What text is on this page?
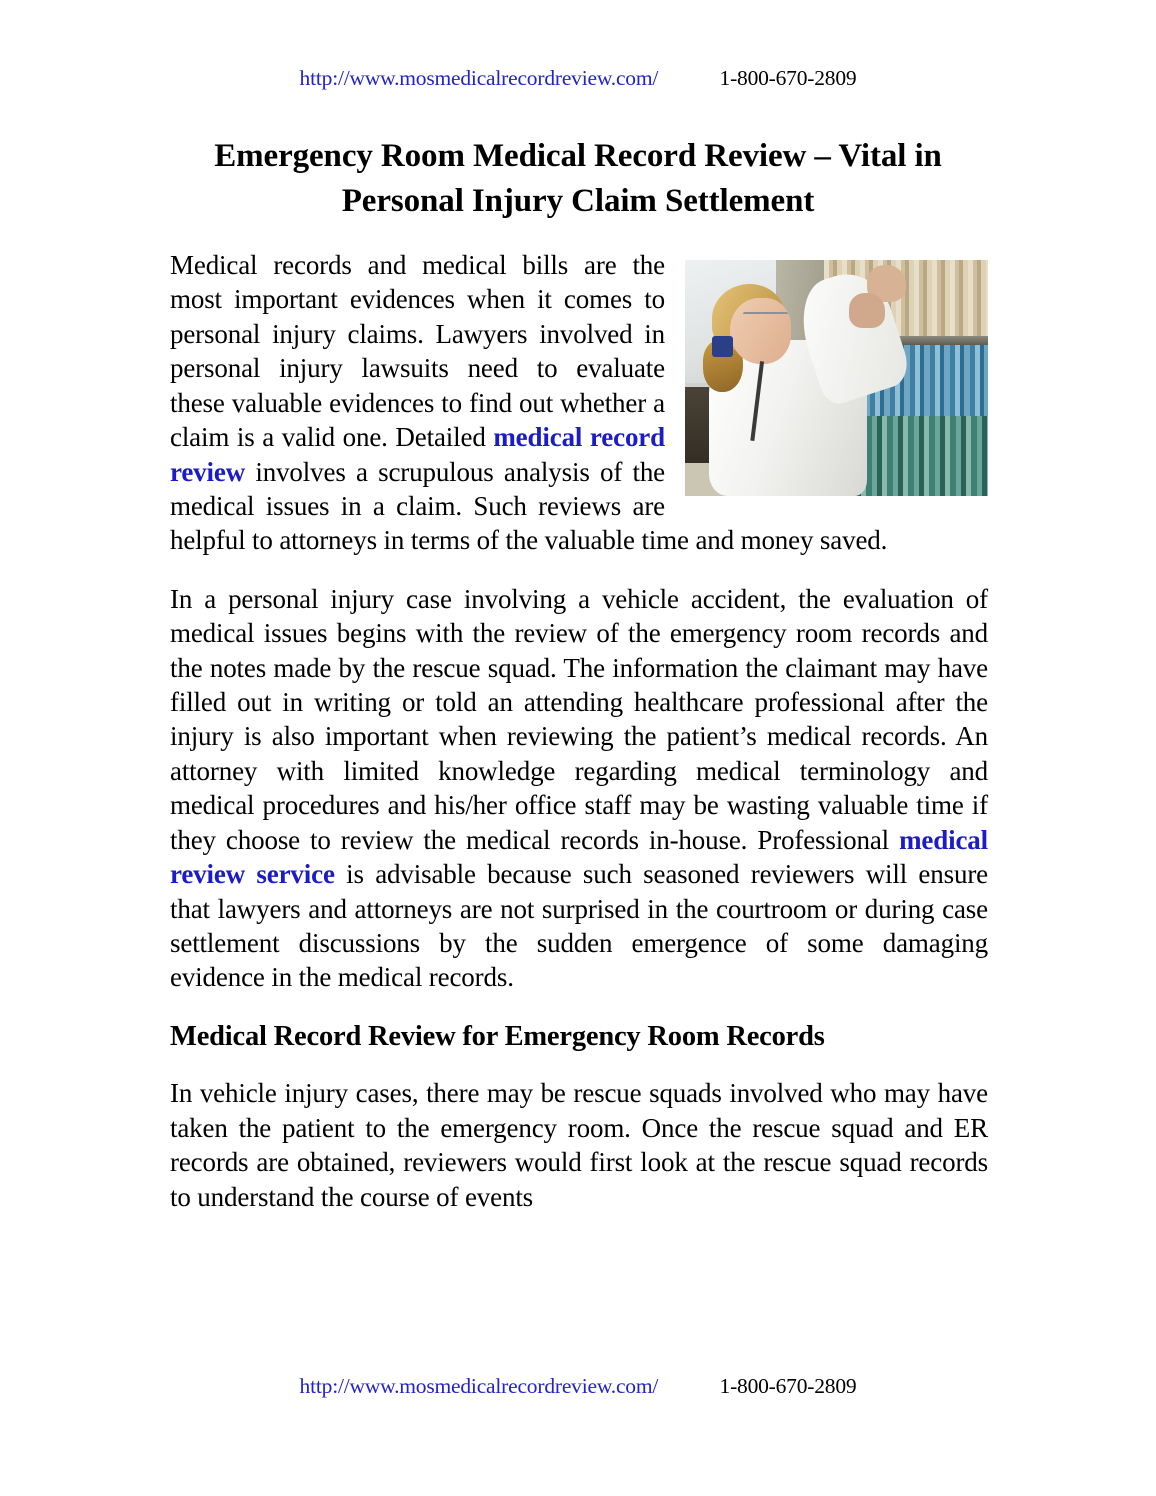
http://www.mosmedicalrecordreview.com/	1-800-670-2809
Emergency Room Medical Record Review – Vital in Personal Injury Claim Settlement

Medical records and medical bills are the most important evidences when it comes to personal injury claims. Lawyers involved in personal injury lawsuits need to evaluate these valuable evidences to find out whether a claim is a valid one. Detailed medical record review involves a scrupulous analysis of the medical issues in a claim. Such reviews are helpful to attorneys in terms of the valuable time and money saved.

In a personal injury case involving a vehicle accident, the evaluation of medical issues begins with the review of the emergency room records and the notes made by the rescue squad. The information the claimant may have filled out in writing or told an attending healthcare professional after the injury is also important when reviewing the patient’s medical records. An attorney with limited knowledge regarding medical terminology and medical procedures and his/her office staff may be wasting valuable time if they choose to review the medical records in-house. Professional medical review service is advisable because such seasoned reviewers will ensure that lawyers and attorneys are not surprised in the courtroom or during case settlement discussions by the sudden emergence of some damaging evidence in the medical records.

Medical Record Review for Emergency Room Records

In vehicle injury cases, there may be rescue squads involved who may have taken the patient to the emergency room. Once the rescue squad and ER records are obtained, reviewers would first look at the rescue squad records to understand the course of events

http://www.mosmedicalrecordreview.com/	1-800-670-2809
